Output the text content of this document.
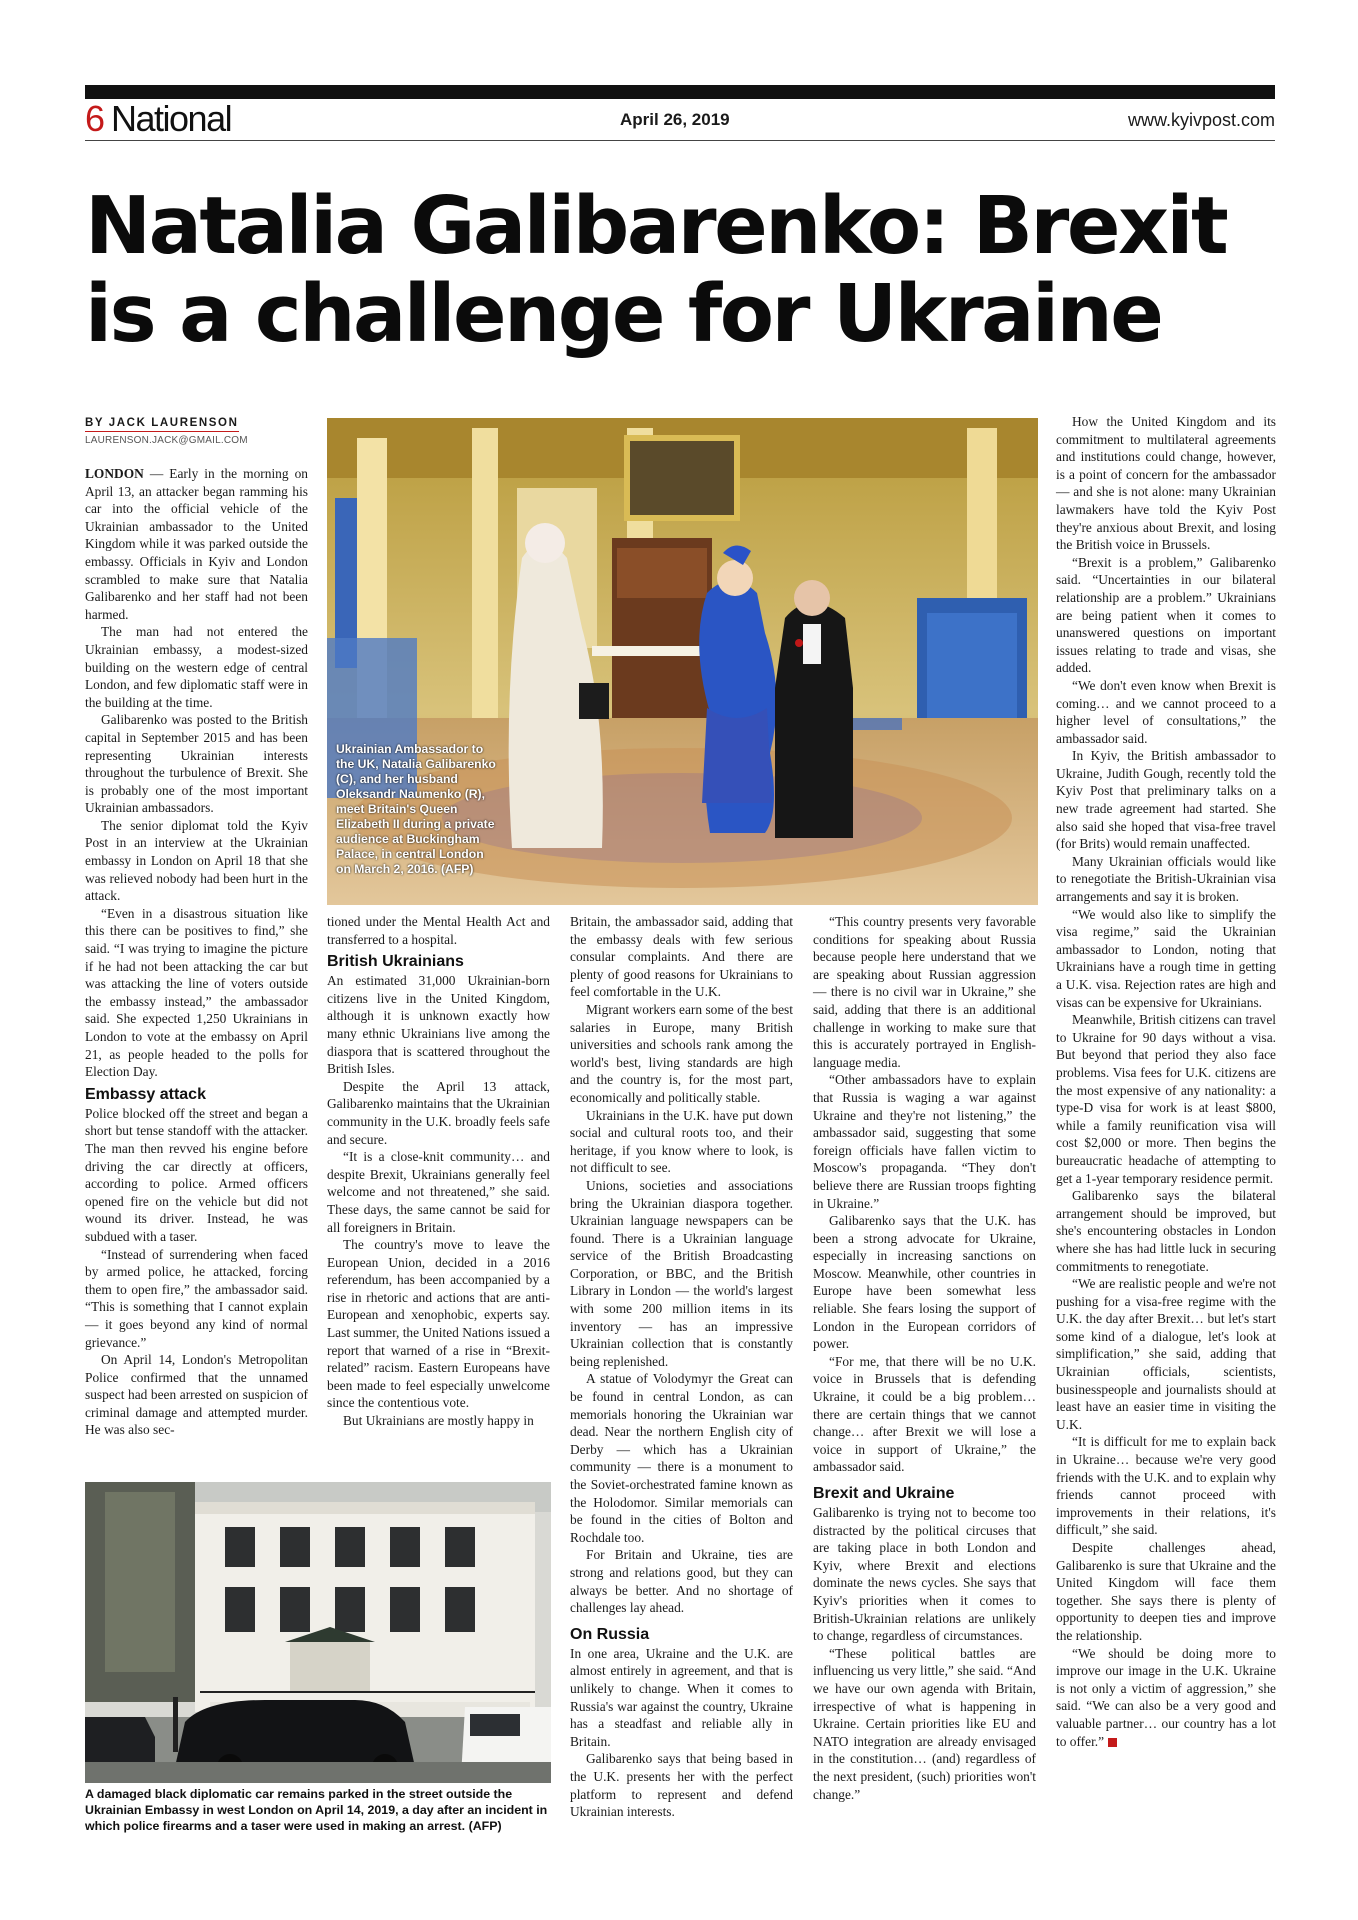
6 National	April 26, 2019	www.kyivpost.com
Natalia Galibarenko: Brexit
is a challenge for Ukraine
BY JACK LAURENSON
LAURENSON.JACK@GMAIL.COM
Ukrainian Ambassador to the UK, Natalia Galibarenko (C), and her husband Oleksandr Naumenko (R), meet Britain's Queen Elizabeth II during a private audience at Buckingham Palace, in central London on March 2, 2016. (AFP)

LONDON — Early in the morning on April 13, an attacker began ramming his car into the official vehicle of the Ukrainian ambassador to the United Kingdom while it was parked outside the embassy. Officials in Kyiv and London scrambled to make sure that Natalia Galibarenko and her staff had not been harmed.

The man had not entered the Ukrainian embassy, a modest-sized building on the western edge of central London, and few diplomatic staff were in the building at the time.

Galibarenko was posted to the British capital in September 2015 and has been representing Ukrainian interests throughout the turbulence of Brexit. She is probably one of the most important Ukrainian ambassadors.

The senior diplomat told the Kyiv Post in an interview at the Ukrainian embassy in London on April 18 that she was relieved nobody had been hurt in the attack.

“Even in a disastrous situation like this there can be positives to find,” she said. “I was trying to imagine the picture if he had not been attacking the car but was attacking the line of voters outside the embassy instead,” the ambassador said. She expected 1,250 Ukrainians in London to vote at the embassy on April 21, as people headed to the polls for Election Day.

Embassy attack

Police blocked off the street and began a short but tense standoff with the attacker. The man then revved his engine before driving the car directly at officers, according to police. Armed officers opened fire on the vehicle but did not wound its driver. Instead, he was subdued with a taser.

“Instead of surrendering when faced by armed police, he attacked, forcing them to open fire,” the ambassador said. “This is something that I cannot explain — it goes beyond any kind of normal grievance.”

On April 14, London's Metropolitan Police confirmed that the unnamed suspect had been arrested on suspicion of criminal damage and attempted murder. He was also sec-

tioned under the Mental Health Act and transferred to a hospital.

British Ukrainians

An estimated 31,000 Ukrainian-born citizens live in the United Kingdom, although it is unknown exactly how many ethnic Ukrainians live among the diaspora that is scattered throughout the British Isles.

Despite the April 13 attack, Galibarenko maintains that the Ukrainian community in the U.K. broadly feels safe and secure.

“It is a close-knit community… and despite Brexit, Ukrainians generally feel welcome and not threatened,” she said. These days, the same cannot be said for all foreigners in Britain.

The country's move to leave the European Union, decided in a 2016 referendum, has been accompanied by a rise in rhetoric and actions that are anti-European and xenophobic, experts say. Last summer, the United Nations issued a report that warned of a rise in “Brexit-related” racism. Eastern Europeans have been made to feel especially unwelcome since the contentious vote.

But Ukrainians are mostly happy in

Britain, the ambassador said, adding that the embassy deals with few serious consular complaints. And there are plenty of good reasons for Ukrainians to feel comfortable in the U.K.

Migrant workers earn some of the best salaries in Europe, many British universities and schools rank among the world's best, living standards are high and the country is, for the most part, economically and politically stable.

Ukrainians in the U.K. have put down social and cultural roots too, and their heritage, if you know where to look, is not difficult to see.

Unions, societies and associations bring the Ukrainian diaspora together. Ukrainian language newspapers can be found. There is a Ukrainian language service of the British Broadcasting Corporation, or BBC, and the British Library in London — the world's largest with some 200 million items in its inventory — has an impressive Ukrainian collection that is constantly being replenished.

A statue of Volodymyr the Great can be found in central London, as can memorials honoring the Ukrainian war dead. Near the northern English city of Derby — which has a Ukrainian community — there is a monument to the Soviet-orchestrated famine known as the Holodomor. Similar memorials can be found in the cities of Bolton and Rochdale too.

For Britain and Ukraine, ties are strong and relations good, but they can always be better. And no shortage of challenges lay ahead.

On Russia

In one area, Ukraine and the U.K. are almost entirely in agreement, and that is unlikely to change. When it comes to Russia's war against the country, Ukraine has a steadfast and reliable ally in Britain.

Galibarenko says that being based in the U.K. presents her with the perfect platform to represent and defend Ukrainian interests.

“This country presents very favorable conditions for speaking about Russia because people here understand that we are speaking about Russian aggression — there is no civil war in Ukraine,” she said, adding that there is an additional challenge in working to make sure that this is accurately portrayed in English-language media.

“Other ambassadors have to explain that Russia is waging a war against Ukraine and they're not listening,” the ambassador said, suggesting that some foreign officials have fallen victim to Moscow's propaganda. “They don't believe there are Russian troops fighting in Ukraine.”

Galibarenko says that the U.K. has been a strong advocate for Ukraine, especially in increasing sanctions on Moscow. Meanwhile, other countries in Europe have been somewhat less reliable. She fears losing the support of London in the European corridors of power.

“For me, that there will be no U.K. voice in Brussels that is defending Ukraine, it could be a big problem… there are certain things that we cannot change… after Brexit we will lose a voice in support of Ukraine,” the ambassador said.

Brexit and Ukraine

Galibarenko is trying not to become too distracted by the political circuses that are taking place in both London and Kyiv, where Brexit and elections dominate the news cycles. She says that Kyiv's priorities when it comes to British-Ukrainian relations are unlikely to change, regardless of circumstances.

“These political battles are influencing us very little,” she said. “And we have our own agenda with Britain, irrespective of what is happening in Ukraine. Certain priorities like EU and NATO integration are already envisaged in the constitution… (and) regardless of the next president, (such) priorities won't change.”

How the United Kingdom and its commitment to multilateral agreements and institutions could change, however, is a point of concern for the ambassador — and she is not alone: many Ukrainian lawmakers have told the Kyiv Post they're anxious about Brexit, and losing the British voice in Brussels.

“Brexit is a problem,” Galibarenko said. “Uncertainties in our bilateral relationship are a problem.” Ukrainians are being patient when it comes to unanswered questions on important issues relating to trade and visas, she added.

“We don't even know when Brexit is coming… and we cannot proceed to a higher level of consultations,” the ambassador said.

In Kyiv, the British ambassador to Ukraine, Judith Gough, recently told the Kyiv Post that preliminary talks on a new trade agreement had started. She also said she hoped that visa-free travel (for Brits) would remain unaffected.

Many Ukrainian officials would like to renegotiate the British-Ukrainian visa arrangements and say it is broken.

“We would also like to simplify the visa regime,” said the Ukrainian ambassador to London, noting that Ukrainians have a rough time in getting a U.K. visa. Rejection rates are high and visas can be expensive for Ukrainians.

Meanwhile, British citizens can travel to Ukraine for 90 days without a visa. But beyond that period they also face problems. Visa fees for U.K. citizens are the most expensive of any nationality: a type-D visa for work is at least $800, while a family reunification visa will cost $2,000 or more. Then begins the bureaucratic headache of attempting to get a 1-year temporary residence permit.

Galibarenko says the bilateral arrangement should be improved, but she's encountering obstacles in London where she has had little luck in securing commitments to renegotiate.

“We are realistic people and we're not pushing for a visa-free regime with the U.K. the day after Brexit… but let's start some kind of a dialogue, let's look at simplification,” she said, adding that Ukrainian officials, scientists, businesspeople and journalists should at least have an easier time in visiting the U.K.

“It is difficult for me to explain back in Ukraine… because we're very good friends with the U.K. and to explain why friends cannot proceed with improvements in their relations, it's difficult,” she said.

Despite challenges ahead, Galibarenko is sure that Ukraine and the United Kingdom will face them together. She says there is plenty of opportunity to deepen ties and improve the relationship.

“We should be doing more to improve our image in the U.K. Ukraine is not only a victim of aggression,” she said. “We can also be a very good and valuable partner… our country has a lot to offer.”

A damaged black diplomatic car remains parked in the street outside the Ukrainian Embassy in west London on April 14, 2019, a day after an incident in which police firearms and a taser were used in making an arrest. (AFP)
